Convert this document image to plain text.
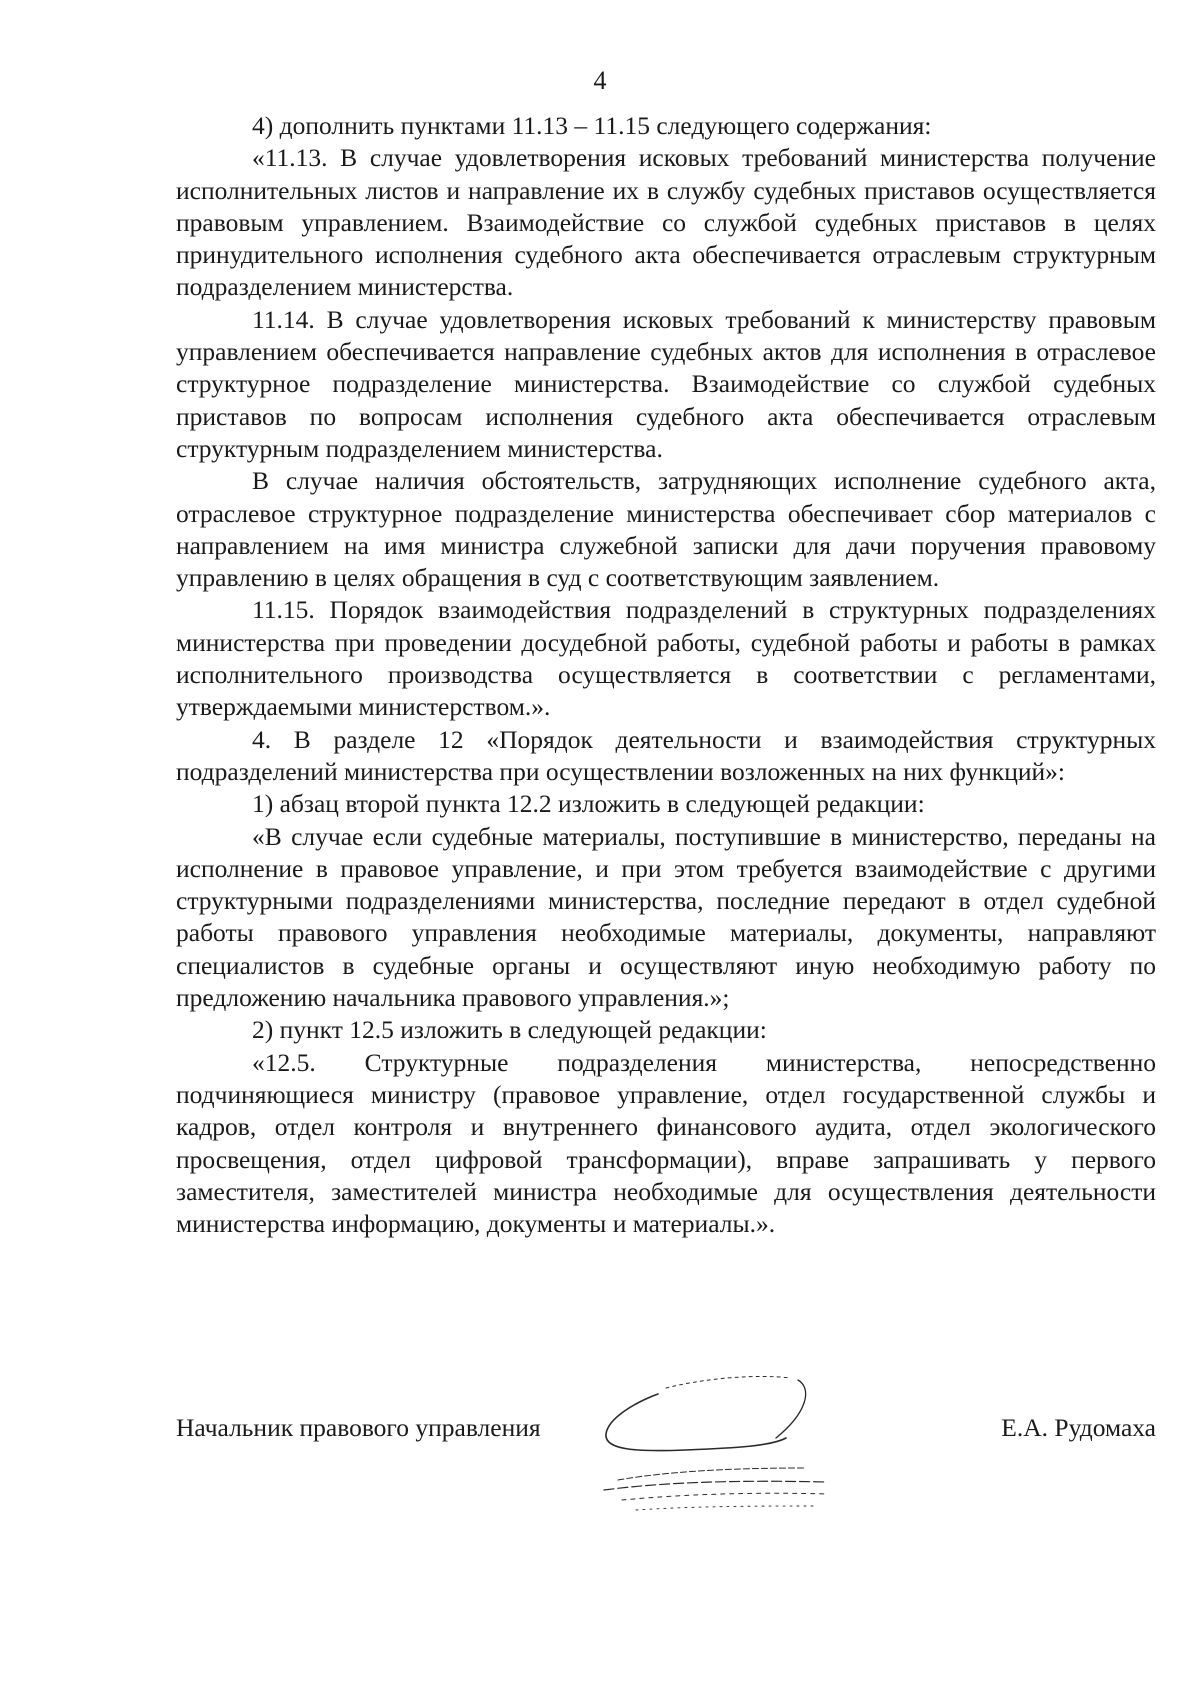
4

4) дополнить пунктами 11.13 – 11.15 следующего содержания:

«11.13. В случае удовлетворения исковых требований министерства получение исполнительных листов и направление их в службу судебных приставов осуществляется правовым управлением. Взаимодействие со службой судебных приставов в целях принудительного исполнения судебного акта обеспечивается отраслевым структурным подразделением министерства.

11.14. В случае удовлетворения исковых требований к министерству правовым управлением обеспечивается направление судебных актов для исполнения в отраслевое структурное подразделение министерства. Взаимодействие со службой судебных приставов по вопросам исполнения судебного акта обеспечивается отраслевым структурным подразделением министерства.

В случае наличия обстоятельств, затрудняющих исполнение судебного акта, отраслевое структурное подразделение министерства обеспечивает сбор материалов с направлением на имя министра служебной записки для дачи поручения правовому управлению в целях обращения в суд с соответствующим заявлением.

11.15. Порядок взаимодействия подразделений в структурных подразделениях министерства при проведении досудебной работы, судебной работы и работы в рамках исполнительного производства осуществляется в соответствии с регламентами, утверждаемыми министерством.».

4. В разделе 12 «Порядок деятельности и взаимодействия структурных подразделений министерства при осуществлении возложенных на них функций»:

1) абзац второй пункта 12.2 изложить в следующей редакции:

«В случае если судебные материалы, поступившие в министерство, переданы на исполнение в правовое управление, и при этом требуется взаимодействие с другими структурными подразделениями министерства, последние передают в отдел судебной работы правового управления необходимые материалы, документы, направляют специалистов в судебные органы и осуществляют иную необходимую работу по предложению начальника правового управления.»;

2) пункт 12.5 изложить в следующей редакции:

«12.5. Структурные подразделения министерства, непосредственно подчиняющиеся министру (правовое управление, отдел государственной службы и кадров, отдел контроля и внутреннего финансового аудита, отдел экологического просвещения, отдел цифровой трансформации), вправе запрашивать у первого заместителя, заместителей министра необходимые для осуществления деятельности министерства информацию, документы и материалы.».

Начальник правового управления	Е.А. Рудомаха
